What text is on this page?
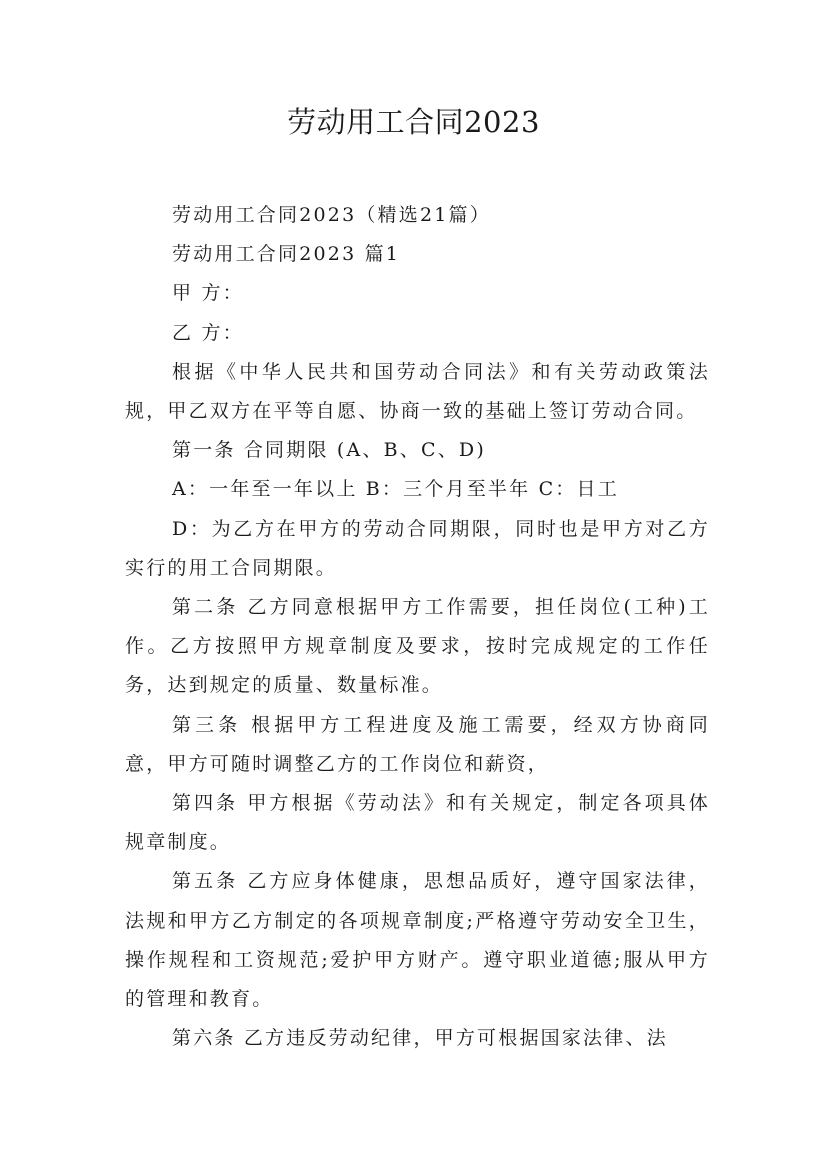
劳动用工合同2023

劳动用工合同2023（精选21篇）

劳动用工合同2023 篇1

甲 方：

乙 方：

根据《中华人民共和国劳动合同法》和有关劳动政策法规，甲乙双方在平等自愿、协商一致的基础上签订劳动合同。

第一条 合同期限 (A、B、C、D)

A：一年至一年以上 B：三个月至半年 C：日工

D：为乙方在甲方的劳动合同期限，同时也是甲方对乙方实行的用工合同期限。

第二条 乙方同意根据甲方工作需要，担任岗位(工种)工作。乙方按照甲方规章制度及要求，按时完成规定的工作任务，达到规定的质量、数量标准。

第三条 根据甲方工程进度及施工需要，经双方协商同意，甲方可随时调整乙方的工作岗位和薪资，

第四条 甲方根据《劳动法》和有关规定，制定各项具体规章制度。

第五条 乙方应身体健康，思想品质好，遵守国家法律，法规和甲方乙方制定的各项规章制度;严格遵守劳动安全卫生，操作规程和工资规范;爱护甲方财产。遵守职业道德;服从甲方的管理和教育。

第六条 乙方违反劳动纪律，甲方可根据国家法律、法
